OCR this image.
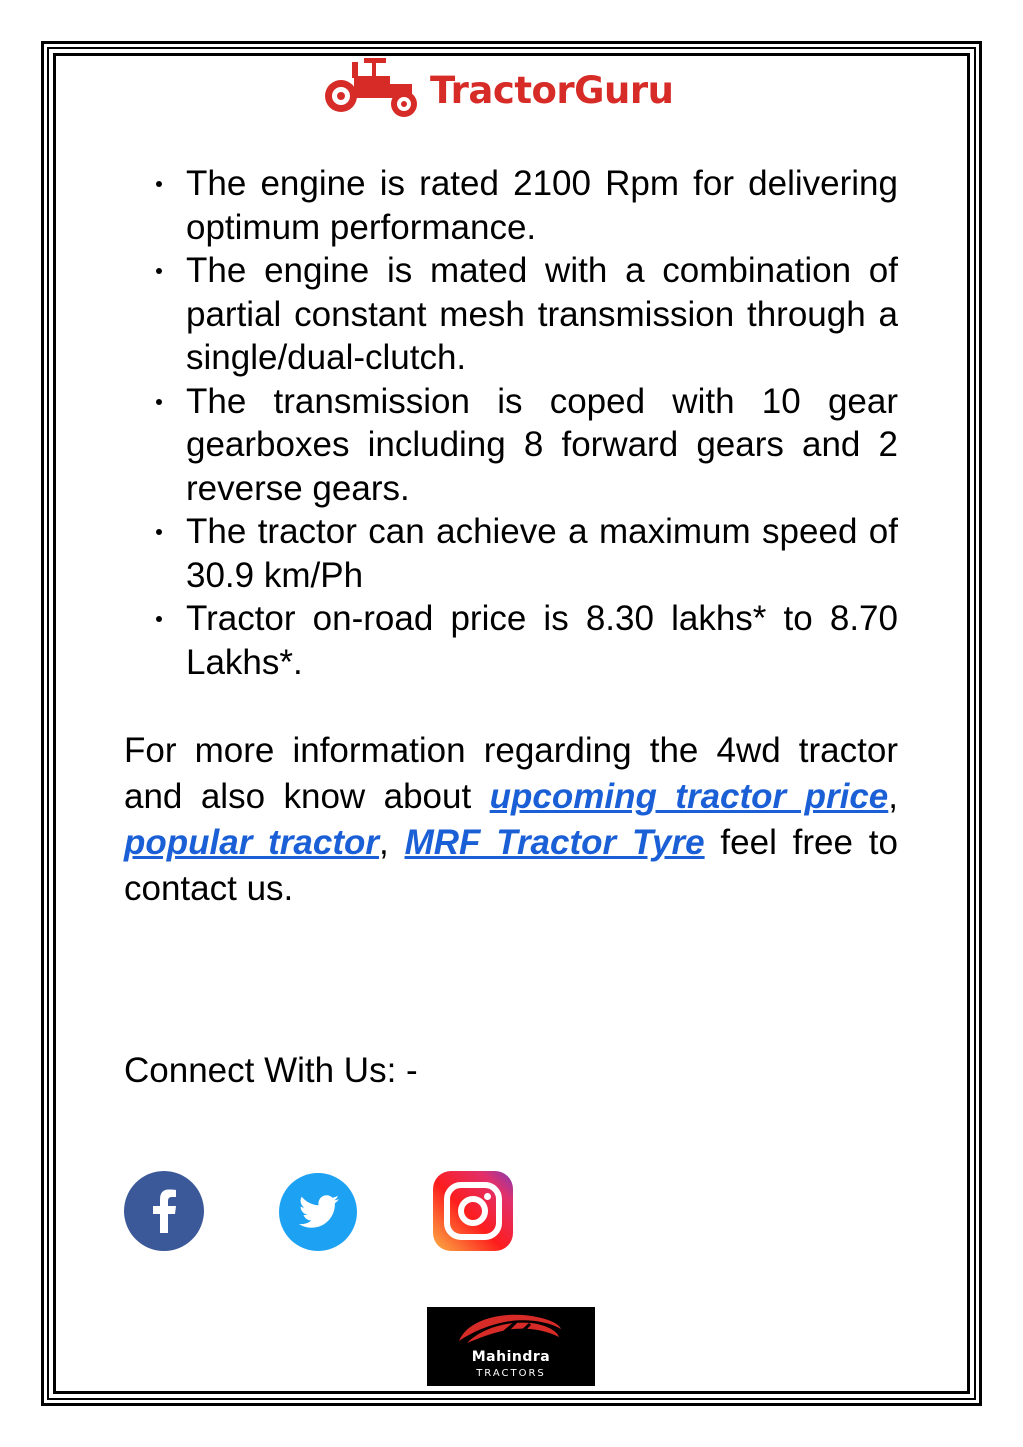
TractorGuru
The engine is rated 2100 Rpm for delivering optimum performance.
The engine is mated with a combination of partial constant mesh transmission through a single/dual-clutch.
The transmission is coped with 10 gear gearboxes including 8 forward gears and 2 reverse gears.
The tractor can achieve a maximum speed of 30.9 km/Ph
Tractor on-road price is 8.30 lakhs* to 8.70 Lakhs*.

For more information regarding the 4wd tractor and also know about upcoming tractor price, popular tractor, MRF Tractor Tyre feel free to contact us.

Connect With Us: -

Mahindra
TRACTORS
